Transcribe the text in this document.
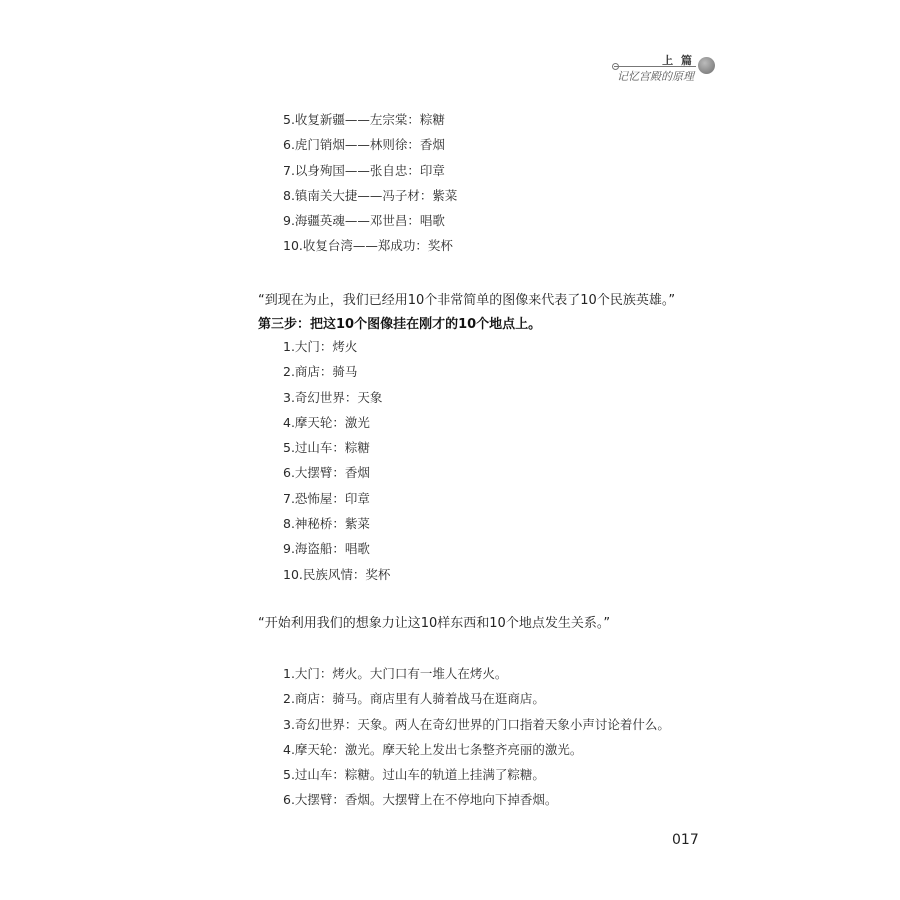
上 篇
记忆宫殿的原理
5.收复新疆——左宗棠：粽糖
6.虎门销烟——林则徐：香烟
7.以身殉国——张自忠：印章
8.镇南关大捷——冯子材：紫菜
9.海疆英魂——邓世昌：唱歌
10.收复台湾——郑成功：奖杯
“到现在为止，我们已经用10个非常简单的图像来代表了10个民族英雄。”
第三步：把这10个图像挂在刚才的10个地点上。
1.大门：烤火
2.商店：骑马
3.奇幻世界：天象
4.摩天轮：激光
5.过山车：粽糖
6.大摆臂：香烟
7.恐怖屋：印章
8.神秘桥：紫菜
9.海盗船：唱歌
10.民族风情：奖杯
“开始利用我们的想象力让这10样东西和10个地点发生关系。”
1.大门：烤火。大门口有一堆人在烤火。
2.商店：骑马。商店里有人骑着战马在逛商店。
3.奇幻世界：天象。两人在奇幻世界的门口指着天象小声讨论着什么。
4.摩天轮：激光。摩天轮上发出七条整齐亮丽的激光。
5.过山车：粽糖。过山车的轨道上挂满了粽糖。
6.大摆臂：香烟。大摆臂上在不停地向下掉香烟。
017
